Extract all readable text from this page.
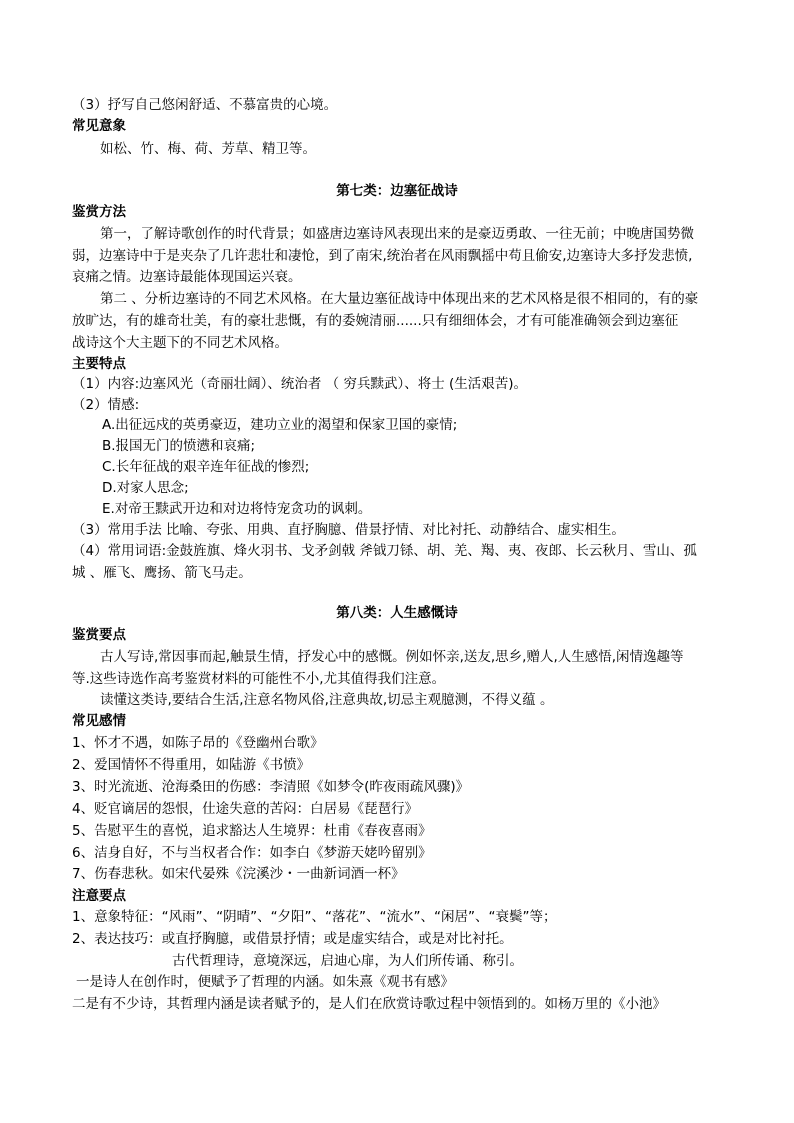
（3）抒写自己悠闲舒适、不慕富贵的心境。
常见意象
如松、竹、梅、荷、芳草、精卫等。
第七类：边塞征战诗
鉴赏方法
第一，了解诗歌创作的时代背景；如盛唐边塞诗风表现出来的是豪迈勇敢、一往无前；中晚唐国势微
弱，边塞诗中于是夹杂了几许悲壮和凄怆，到了南宋,统治者在风雨飘摇中苟且偷安,边塞诗大多抒发悲愤,
哀痛之情。边塞诗最能体现国运兴衰。
第二 、分析边塞诗的不同艺术风格。在大量边塞征战诗中体现出来的艺术风格是很不相同的，有的豪
放旷达，有的雄奇壮美，有的豪壮悲慨，有的委婉清丽......只有细细体会，才有可能准确领会到边塞征
战诗这个大主题下的不同艺术风格。
主要特点
（1）内容:边塞风光（奇丽壮阔）、统治者 （ 穷兵黩武）、将士 (生活艰苦)。
（2）情感:
A.出征远戍的英勇豪迈，建功立业的渴望和保家卫国的豪情;
B.报国无门的愤懑和哀痛;
C.长年征战的艰辛连年征战的惨烈;
D.对家人思念;
E.对帝王黩武开边和对边将恃宠贪功的讽刺。
（3）常用手法 比喻、夸张、用典、直抒胸臆、借景抒情、对比衬托、动静结合、虚实相生。
（4）常用词语:金鼓旌旗、烽火羽书、戈矛剑戟 斧钺刀铩、胡、羌、羯、夷、夜郎、长云秋月、雪山、孤
城 、雁飞、鹰扬、箭飞马走。
第八类：人生感慨诗
鉴赏要点
古人写诗,常因事而起,触景生情，抒发心中的感慨。例如怀亲,送友,思乡,赠人,人生感悟,闲情逸趣等
等.这些诗选作高考鉴赏材料的可能性不小,尤其值得我们注意。
读懂这类诗,要结合生活,注意名物风俗,注意典故,切忌主观臆测，不得义蕴 。
常见感情
1、怀才不遇，如陈子昂的《登幽州台歌》
2、爱国情怀不得重用，如陆游《书愤》
3、时光流逝、沧海桑田的伤感：李清照《如梦令(昨夜雨疏风骤)》
4、贬官谪居的怨恨，仕途失意的苦闷：白居易《琵琶行》
5、告慰平生的喜悦，追求豁达人生境界：杜甫《春夜喜雨》
6、洁身自好，不与当权者合作：如李白《梦游天姥吟留别》
7、伤春悲秋。如宋代晏殊《浣溪沙・一曲新词酒一杯》
注意要点
1、意象特征：“风雨”、“阴晴”、“夕阳”、“落花”、“流水”、“闲居”、“衰鬓”等；
2、表达技巧：或直抒胸臆，或借景抒情；或是虚实结合，或是对比衬托。
古代哲理诗，意境深远，启迪心扉，为人们所传诵、称引。
一是诗人在创作时，便赋予了哲理的内涵。如朱熹《观书有感》
二是有不少诗，其哲理内涵是读者赋予的，是人们在欣赏诗歌过程中领悟到的。如杨万里的《小池》
